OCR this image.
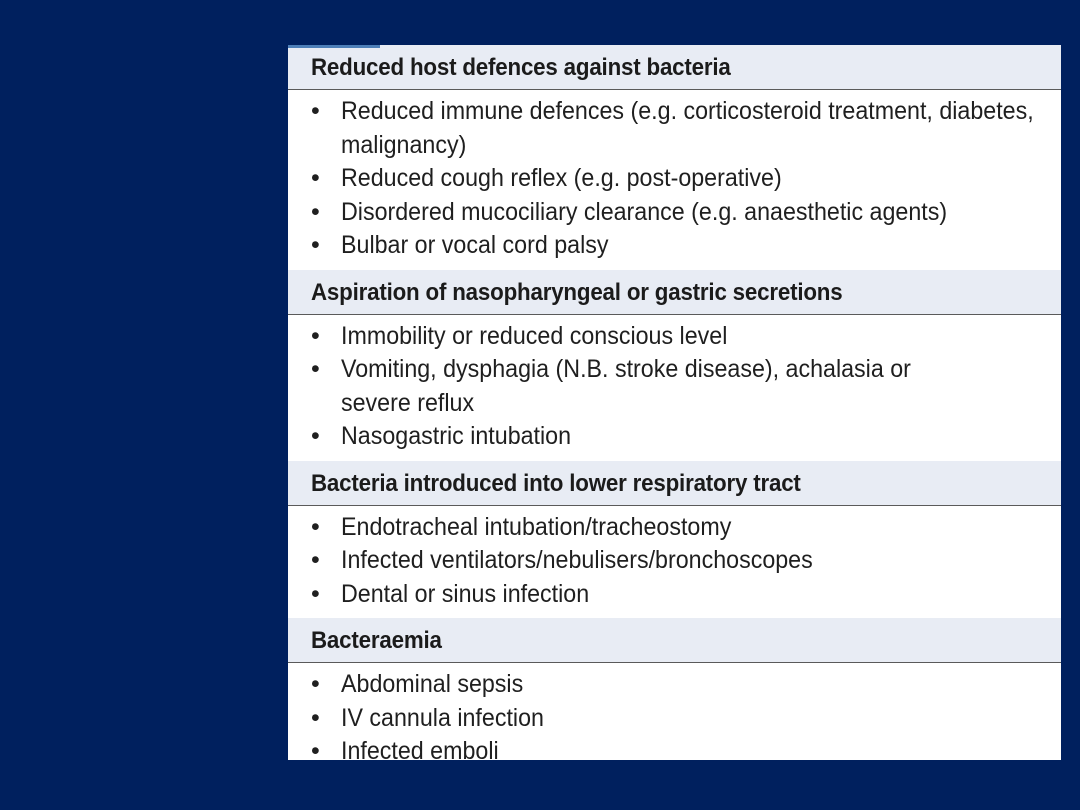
Reduced host defences against bacteria
• Reduced immune defences (e.g. corticosteroid treatment, diabetes, malignancy)
• Reduced cough reflex (e.g. post-operative)
• Disordered mucociliary clearance (e.g. anaesthetic agents)
• Bulbar or vocal cord palsy
Aspiration of nasopharyngeal or gastric secretions
• Immobility or reduced conscious level
• Vomiting, dysphagia (N.B. stroke disease), achalasia or severe reflux
• Nasogastric intubation
Bacteria introduced into lower respiratory tract
• Endotracheal intubation/tracheostomy
• Infected ventilators/nebulisers/bronchoscopes
• Dental or sinus infection
Bacteraemia
• Abdominal sepsis
• IV cannula infection
• Infected emboli
